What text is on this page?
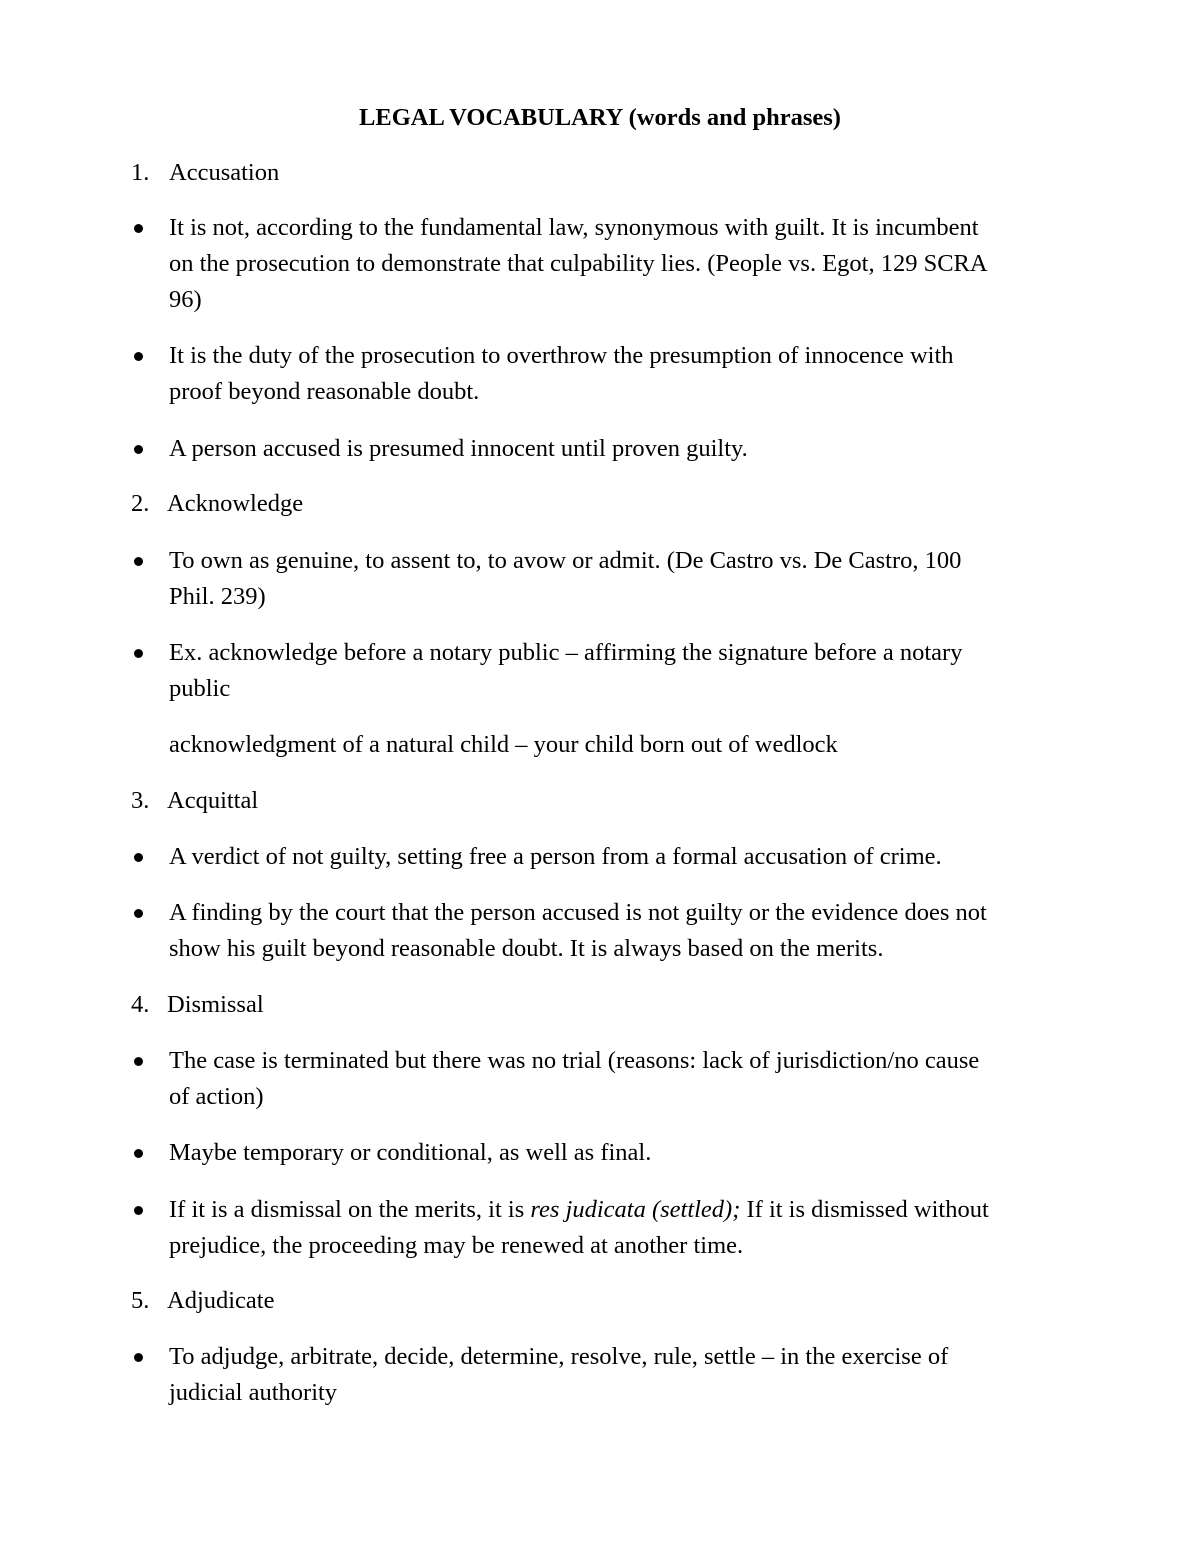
LEGAL VOCABULARY (words and phrases)
1. Accusation
It is not, according to the fundamental law, synonymous with guilt. It is incumbent
on the prosecution to demonstrate that culpability lies. (People vs. Egot, 129 SCRA
96)
It is the duty of the prosecution to overthrow the presumption of innocence with
proof beyond reasonable doubt.
A person accused is presumed innocent until proven guilty.
2. Acknowledge
To own as genuine, to assent to, to avow or admit. (De Castro vs. De Castro, 100
Phil. 239)
Ex. acknowledge before a notary public – affirming the signature before a notary
public
acknowledgment of a natural child – your child born out of wedlock
3. Acquittal
A verdict of not guilty, setting free a person from a formal accusation of crime.
A finding by the court that the person accused is not guilty or the evidence does not
show his guilt beyond reasonable doubt. It is always based on the merits.
4. Dismissal
The case is terminated but there was no trial (reasons: lack of jurisdiction/no cause
of action)
Maybe temporary or conditional, as well as final.
If it is a dismissal on the merits, it is res judicata (settled); If it is dismissed without
prejudice, the proceeding may be renewed at another time.
5. Adjudicate
To adjudge, arbitrate, decide, determine, resolve, rule, settle – in the exercise of
judicial authority
